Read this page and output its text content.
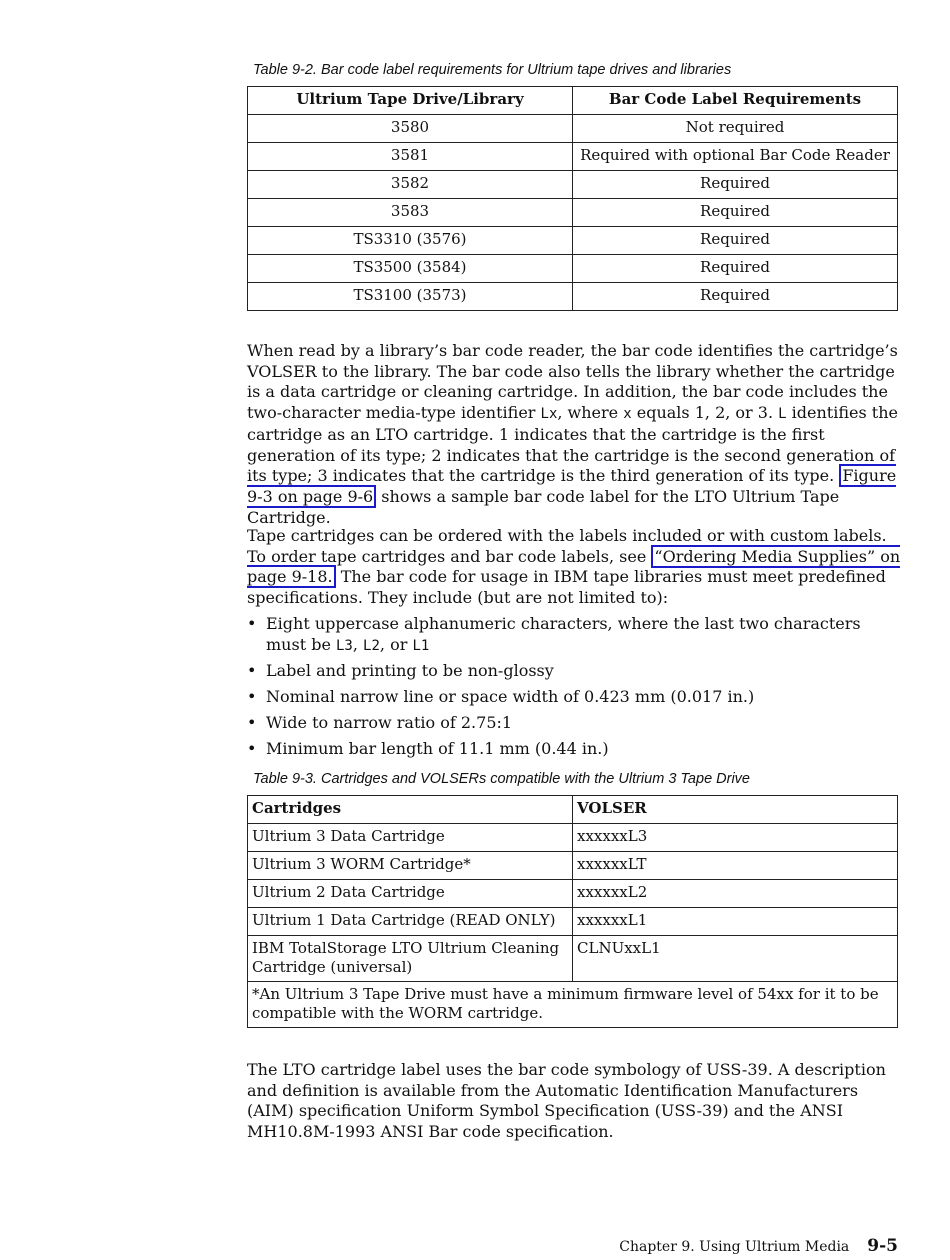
Table 9-2. Bar code label requirements for Ultrium tape drives and libraries
Ultrium Tape Drive/Library	Bar Code Label Requirements
3580	Not required
3581	Required with optional Bar Code Reader
3582	Required
3583	Required
TS3310 (3576)	Required
TS3500 (3584)	Required
TS3100 (3573)	Required

When read by a library’s bar code reader, the bar code identifies the cartridge’s VOLSER to the library. The bar code also tells the library whether the cartridge is a data cartridge or cleaning cartridge. In addition, the bar code includes the two-character media-type identifier Lx, where x equals 1, 2, or 3. L identifies the cartridge as an LTO cartridge. 1 indicates that the cartridge is the first generation of its type; 2 indicates that the cartridge is the second generation of its type; 3 indicates that the cartridge is the third generation of its type. Figure 9-3 on page 9-6 shows a sample bar code label for the LTO Ultrium Tape Cartridge.

Tape cartridges can be ordered with the labels included or with custom labels. To order tape cartridges and bar code labels, see “Ordering Media Supplies” on page 9-18. The bar code for usage in IBM tape libraries must meet predefined specifications. They include (but are not limited to):

• Eight uppercase alphanumeric characters, where the last two characters must be L3, L2, or L1
• Label and printing to be non-glossy
• Nominal narrow line or space width of 0.423 mm (0.017 in.)
• Wide to narrow ratio of 2.75:1
• Minimum bar length of 11.1 mm (0.44 in.)
Table 9-3. Cartridges and VOLSERs compatible with the Ultrium 3 Tape Drive
Cartridges	VOLSER
Ultrium 3 Data Cartridge	xxxxxxL3
Ultrium 3 WORM Cartridge*	xxxxxxLT
Ultrium 2 Data Cartridge	xxxxxxL2
Ultrium 1 Data Cartridge (READ ONLY)	xxxxxxL1
IBM TotalStorage LTO Ultrium Cleaning Cartridge (universal)	CLNUxxL1
*An Ultrium 3 Tape Drive must have a minimum firmware level of 54xx for it to be compatible with the WORM cartridge.	

The LTO cartridge label uses the bar code symbology of USS-39. A description and definition is available from the Automatic Identification Manufacturers (AIM) specification Uniform Symbol Specification (USS-39) and the ANSI MH10.8M-1993 ANSI Bar code specification.

Chapter 9. Using Ultrium Media 9-5
